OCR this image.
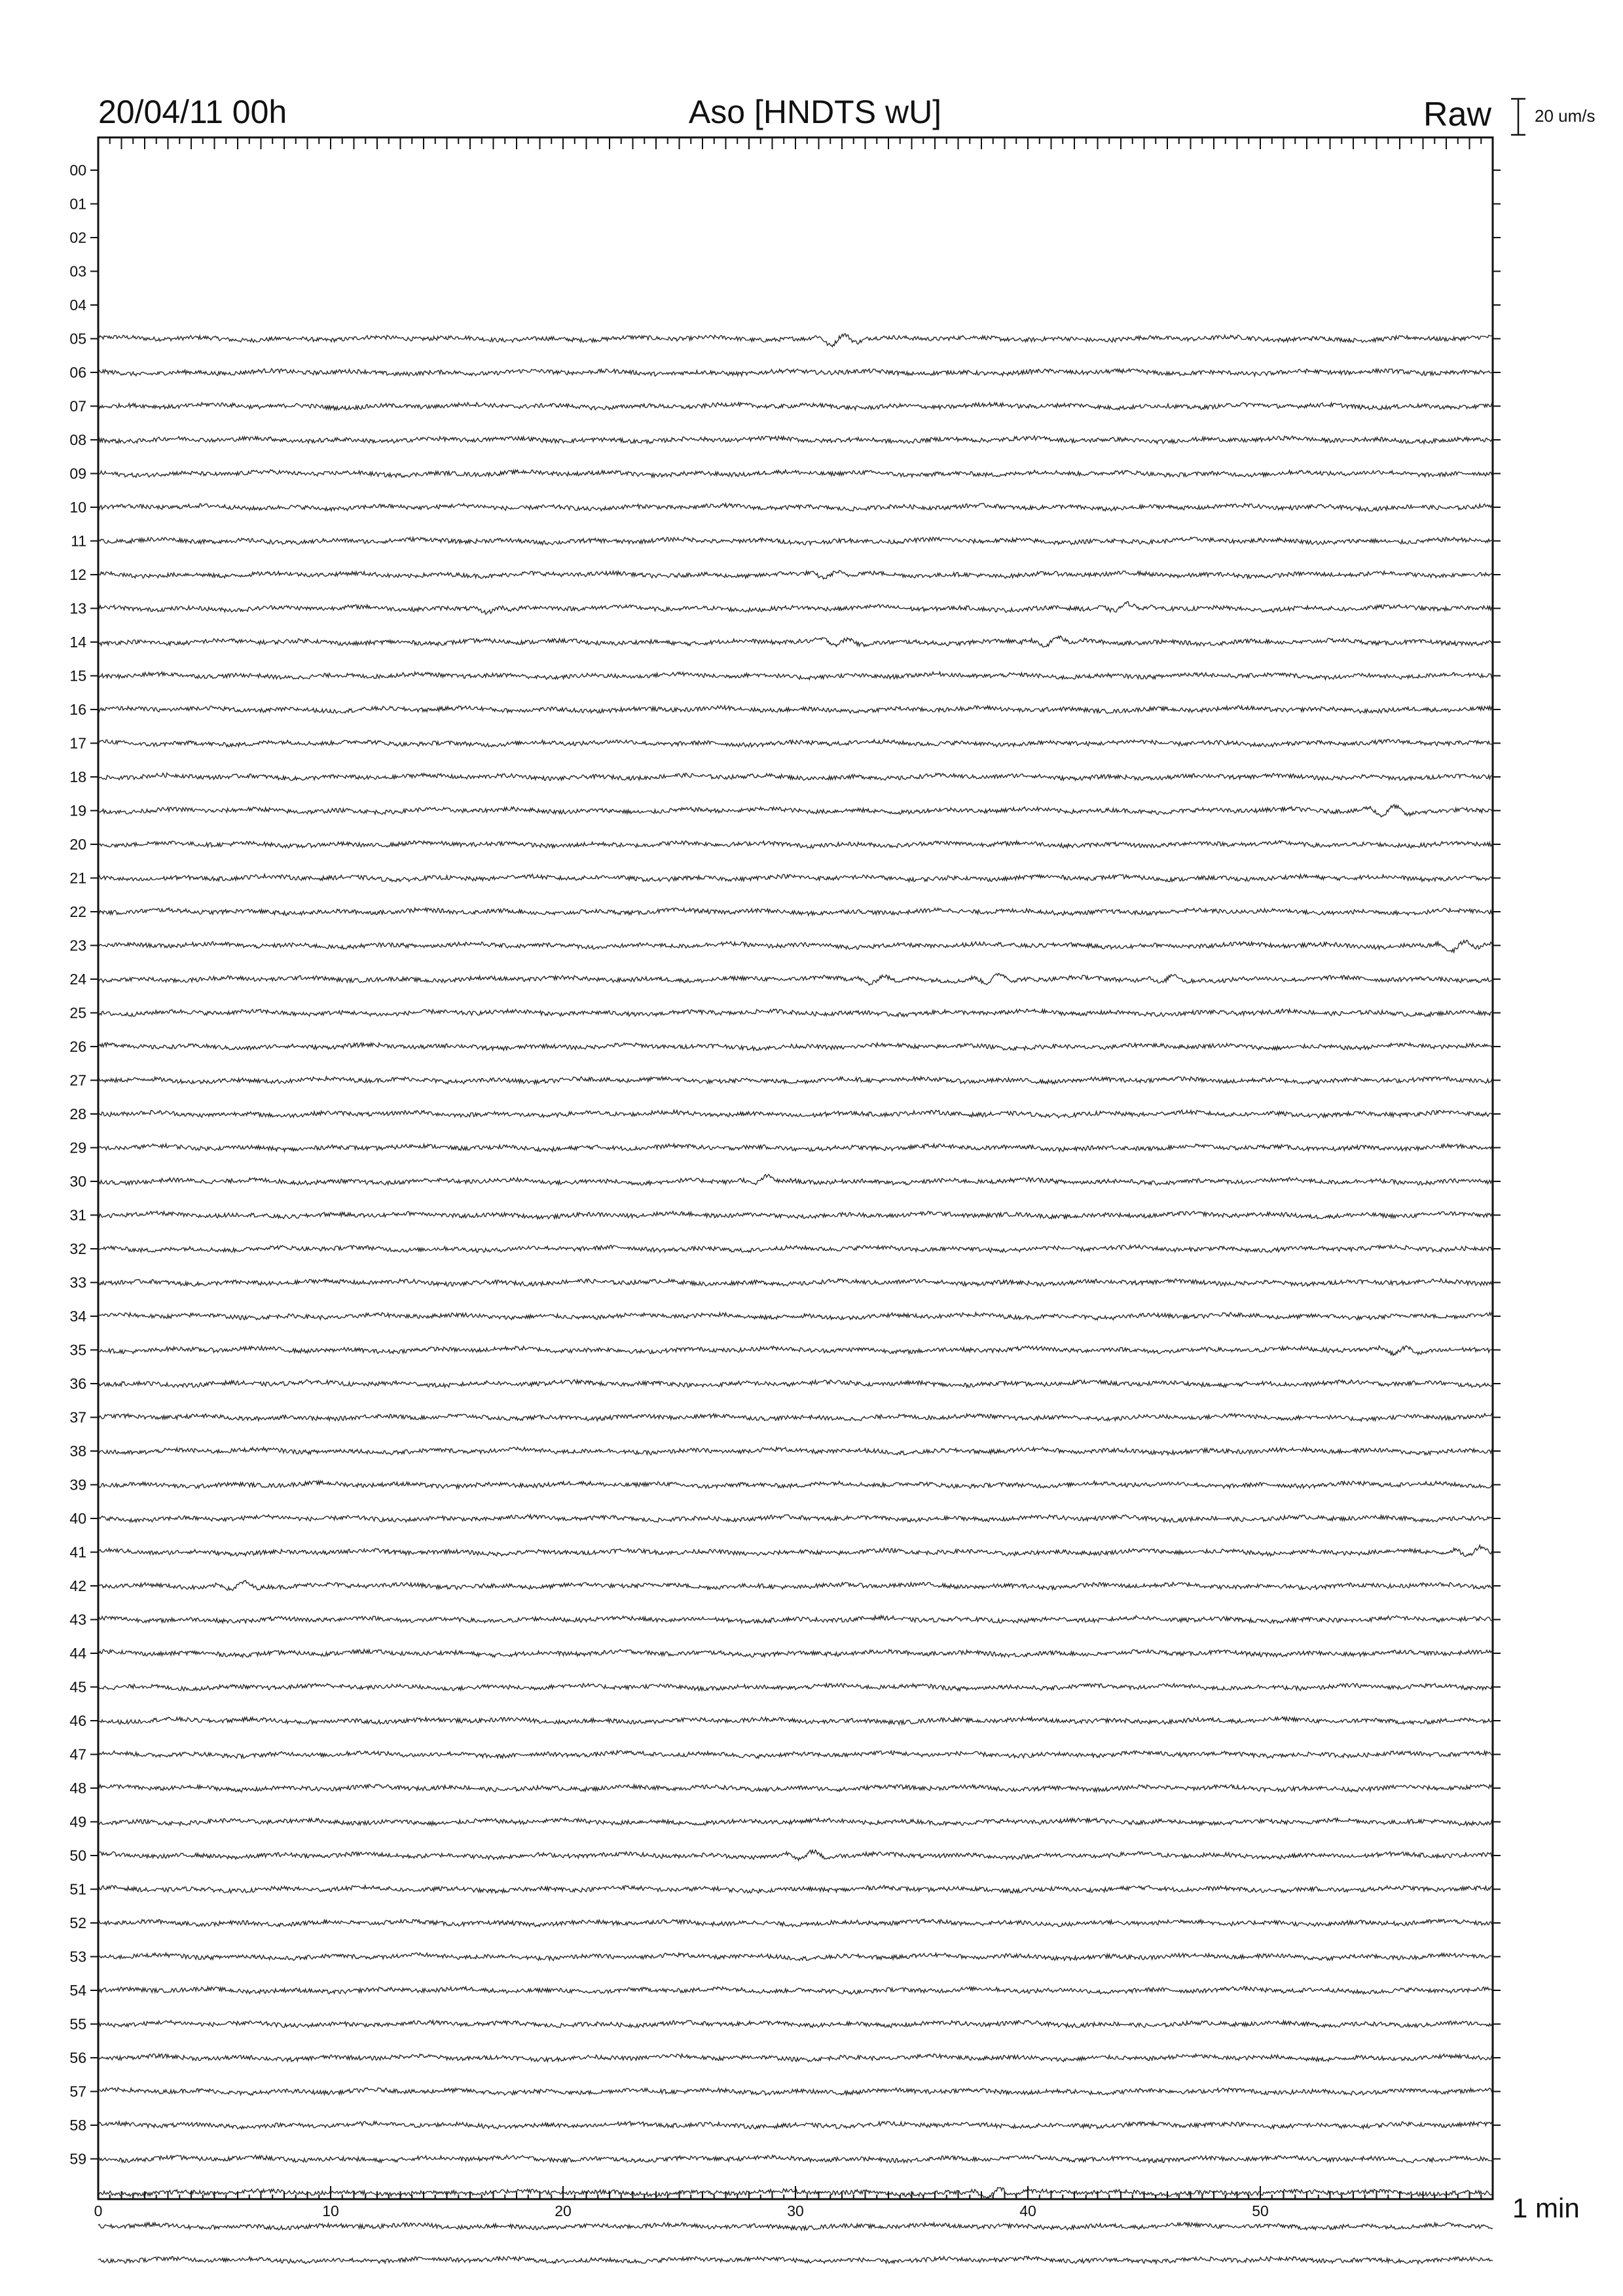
20/04/11 00h	Aso [HNDTS wU]	Raw	20 um/s
00
01
02
03
04
05
06
07
08
09
10
11
12
13
14
15
16
17
18
19
20
21
22
23
24
25
26
27
28
29
30
31
32
33
34
35
36
37
38
39
40
41
42
43
44
45
46
47
48
49
50
51
52
53
54
55
56
57
58
59
0	10	20	30	40	50	1 min
